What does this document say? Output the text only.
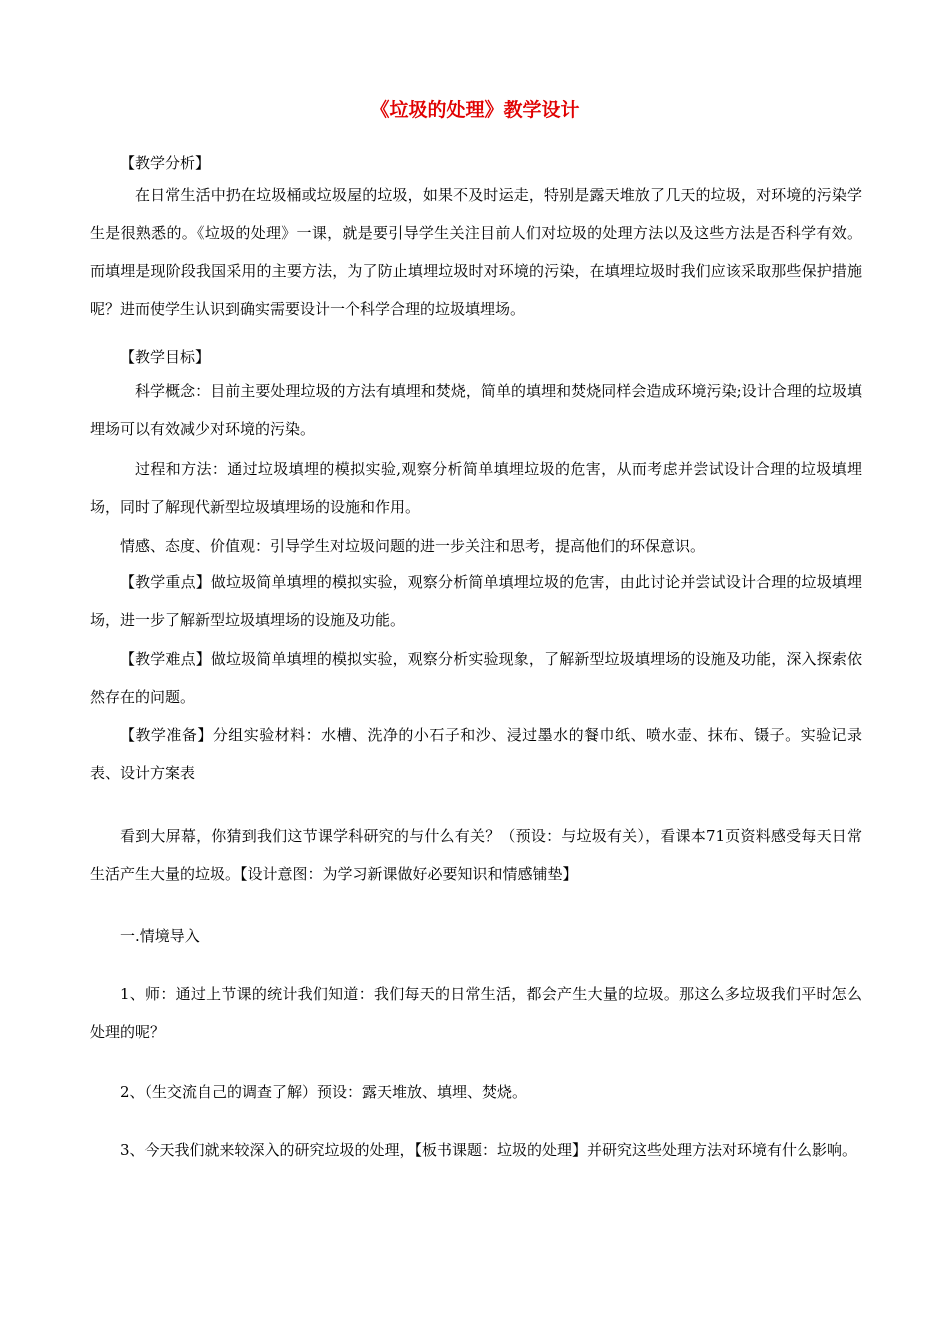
《垃圾的处理》教学设计

【教学分析】

在日常生活中扔在垃圾桶或垃圾屋的垃圾，如果不及时运走，特别是露天堆放了几天的垃圾，对环境的污染学生是很熟悉的。《垃圾的处理》一课，就是要引导学生关注目前人们对垃圾的处理方法以及这些方法是否科学有效。而填埋是现阶段我国采用的主要方法，为了防止填埋垃圾时对环境的污染，在填埋垃圾时我们应该采取那些保护措施呢？进而使学生认识到确实需要设计一个科学合理的垃圾填埋场。

【教学目标】

科学概念：目前主要处理垃圾的方法有填埋和焚烧，简单的填埋和焚烧同样会造成环境污染;设计合理的垃圾填埋场可以有效减少对环境的污染。

过程和方法：通过垃圾填埋的模拟实验,观察分析简单填埋垃圾的危害，从而考虑并尝试设计合理的垃圾填埋场，同时了解现代新型垃圾填埋场的设施和作用。

情感、态度、价值观：引导学生对垃圾问题的进一步关注和思考，提高他们的环保意识。

【教学重点】做垃圾简单填埋的模拟实验，观察分析简单填埋垃圾的危害，由此讨论并尝试设计合理的垃圾填埋场，进一步了解新型垃圾填埋场的设施及功能。

【教学难点】做垃圾简单填埋的模拟实验，观察分析实验现象，了解新型垃圾填埋场的设施及功能，深入探索依然存在的问题。

【教学准备】分组实验材料：水槽、洗净的小石子和沙、浸过墨水的餐巾纸、喷水壶、抹布、镊子。实验记录表、设计方案表

看到大屏幕，你猜到我们这节课学科研究的与什么有关？（预设：与垃圾有关），看课本71页资料感受每天日常生活产生大量的垃圾。【设计意图：为学习新课做好必要知识和情感铺垫】

一.情境导入

1、师：通过上节课的统计我们知道：我们每天的日常生活，都会产生大量的垃圾。那这么多垃圾我们平时怎么处理的呢？

2、（生交流自己的调查了解）预设：露天堆放、填埋、焚烧。

3、今天我们就来较深入的研究垃圾的处理，【板书课题：垃圾的处理】并研究这些处理方法对环境有什么影响。
